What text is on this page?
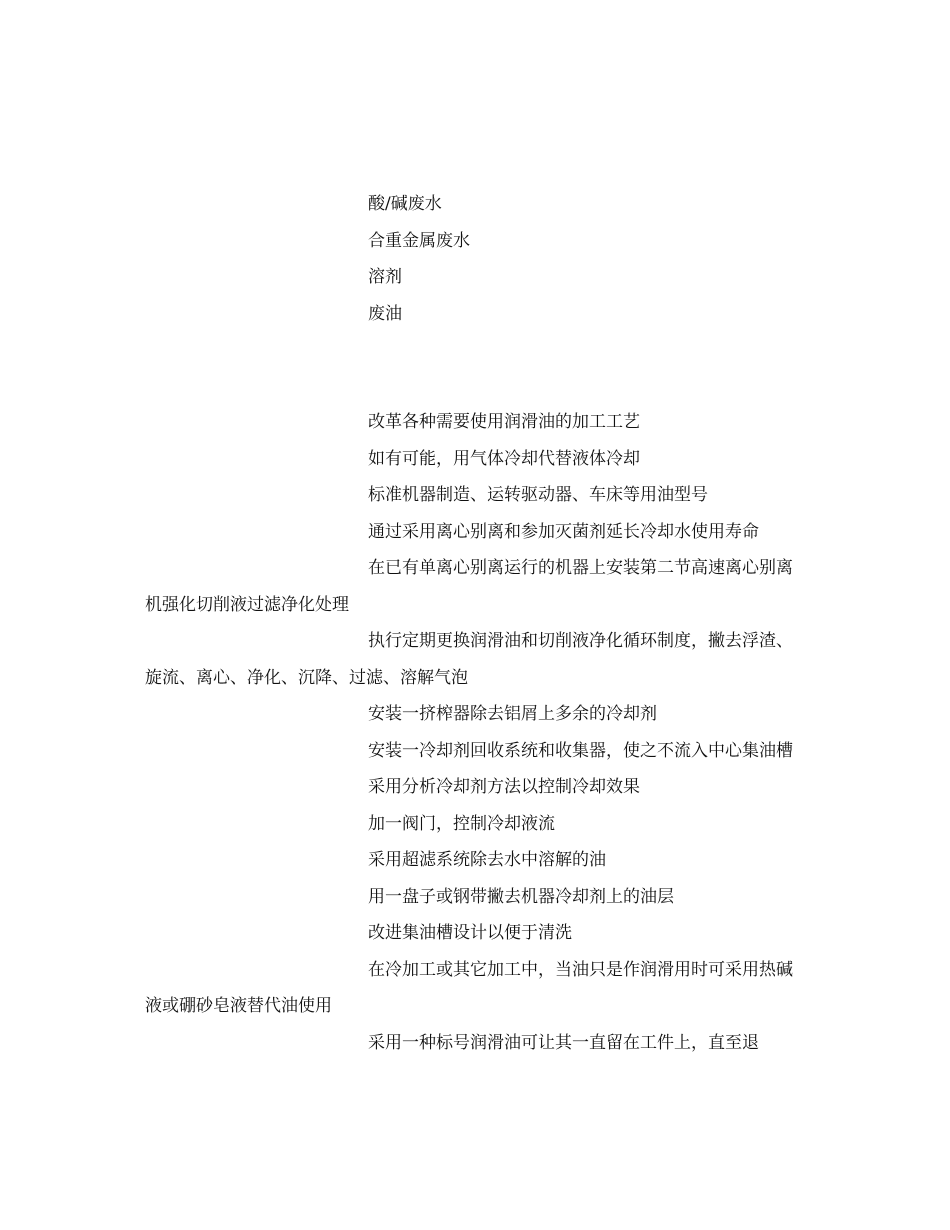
酸/碱废水
合重金属废水
溶剂
废油

改革各种需要使用润滑油的加工工艺

如有可能，用气体冷却代替液体冷却

标准机器制造、运转驱动器、车床等用油型号

通过采用离心别离和参加灭菌剂延长冷却水使用寿命

在已有单离心别离运行的机器上安装第二节高速离心别离机强化切削液过滤净化处理

执行定期更换润滑油和切削液净化循环制度，撇去浮渣、旋流、离心、净化、沉降、过滤、溶解气泡

安装一挤榨器除去铝屑上多余的冷却剂

安装一冷却剂回收系统和收集器，使之不流入中心集油槽

采用分析冷却剂方法以控制冷却效果

加一阀门，控制冷却液流

采用超滤系统除去水中溶解的油

用一盘子或钢带撇去机器冷却剂上的油层

改进集油槽设计以便于清洗

在冷加工或其它加工中，当油只是作润滑用时可采用热碱液或硼砂皂液替代油使用

采用一种标号润滑油可让其一直留在工件上，直至退
